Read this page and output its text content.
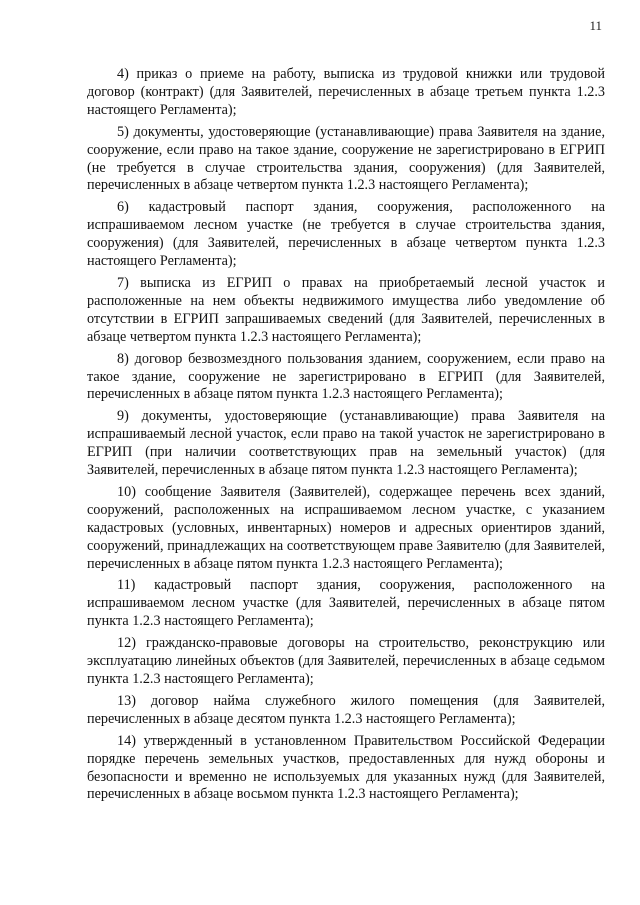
11

4) приказ о приеме на работу, выписка из трудовой книжки или трудовой договор (контракт) (для Заявителей, перечисленных в абзаце третьем пункта 1.2.3 настоящего Регламента);

5) документы, удостоверяющие (устанавливающие) права Заявителя на здание, сооружение, если право на такое здание, сооружение не зарегистрировано в ЕГРИП (не требуется в случае строительства здания, сооружения) (для Заявителей, перечисленных в абзаце четвертом пункта 1.2.3 настоящего Регламента);

6) кадастровый паспорт здания, сооружения, расположенного на испрашиваемом лесном участке (не требуется в случае строительства здания, сооружения) (для Заявителей, перечисленных в абзаце четвертом пункта 1.2.3 настоящего Регламента);

7) выписка из ЕГРИП о правах на приобретаемый лесной участок и расположенные на нем объекты недвижимого имущества либо уведомление об отсутствии в ЕГРИП запрашиваемых сведений (для Заявителей, перечисленных в абзаце четвертом пункта 1.2.3 настоящего Регламента);

8) договор безвозмездного пользования зданием, сооружением, если право на такое здание, сооружение не зарегистрировано в ЕГРИП (для Заявителей, перечисленных в абзаце пятом пункта 1.2.3 настоящего Регламента);

9) документы, удостоверяющие (устанавливающие) права Заявителя на испрашиваемый лесной участок, если право на такой участок не зарегистрировано в ЕГРИП (при наличии соответствующих прав на земельный участок) (для Заявителей, перечисленных в абзаце пятом пункта 1.2.3 настоящего Регламента);

10) сообщение Заявителя (Заявителей), содержащее перечень всех зданий, сооружений, расположенных на испрашиваемом лесном участке, с указанием кадастровых (условных, инвентарных) номеров и адресных ориентиров зданий, сооружений, принадлежащих на соответствующем праве Заявителю (для Заявителей, перечисленных в абзаце пятом пункта 1.2.3 настоящего Регламента);

11) кадастровый паспорт здания, сооружения, расположенного на испрашиваемом лесном участке (для Заявителей, перечисленных в абзаце пятом пункта 1.2.3 настоящего Регламента);

12) гражданско-правовые договоры на строительство, реконструкцию или эксплуатацию линейных объектов (для Заявителей, перечисленных в абзаце седьмом пункта 1.2.3 настоящего Регламента);

13) договор найма служебного жилого помещения (для Заявителей, перечисленных в абзаце десятом пункта 1.2.3 настоящего Регламента);

14) утвержденный в установленном Правительством Российской Федерации порядке перечень земельных участков, предоставленных для нужд обороны и безопасности и временно не используемых для указанных нужд (для Заявителей, перечисленных в абзаце восьмом пункта 1.2.3 настоящего Регламента);
